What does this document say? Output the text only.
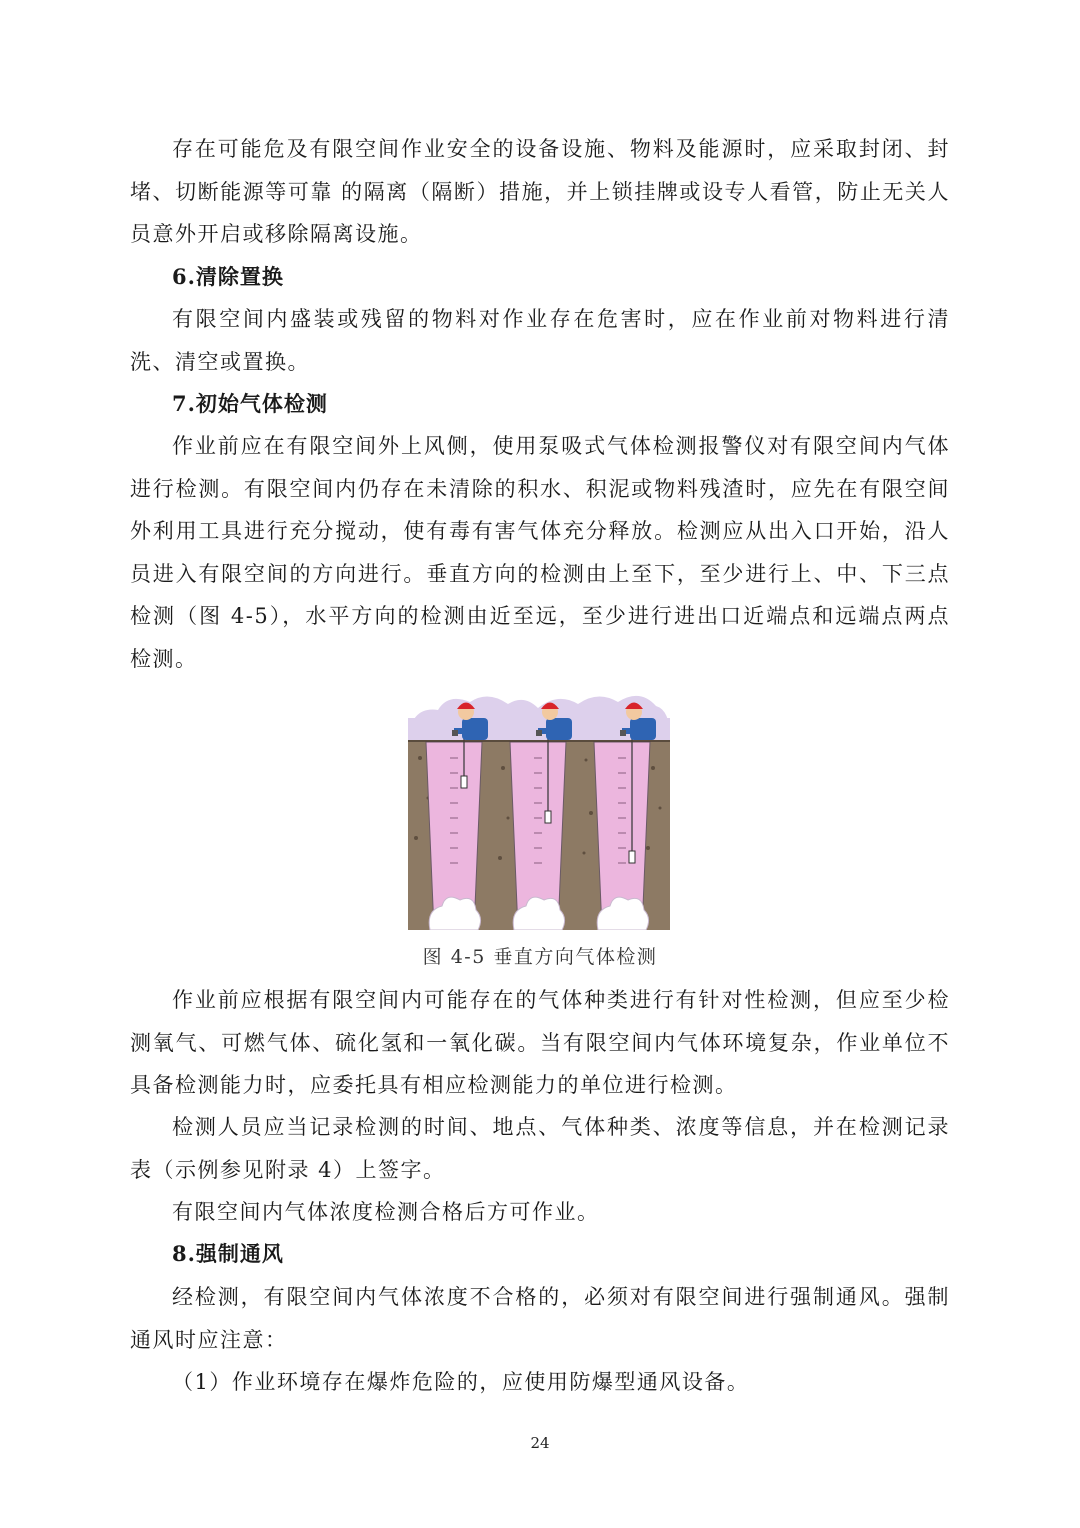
存在可能危及有限空间作业安全的设备设施、物料及能源时，应采取封闭、封堵、切断能源等可靠 的隔离（隔断）措施，并上锁挂牌或设专人看管，防止无关人员意外开启或移除隔离设施。

6.清除置换

有限空间内盛装或残留的物料对作业存在危害时，应在作业前对物料进行清洗、清空或置换。

7.初始气体检测

作业前应在有限空间外上风侧，使用泵吸式气体检测报警仪对有限空间内气体进行检测。有限空间内仍存在未清除的积水、积泥或物料残渣时，应先在有限空间外利用工具进行充分搅动，使有毒有害气体充分释放。检测应从出入口开始，沿人员进入有限空间的方向进行。垂直方向的检测由上至下，至少进行上、中、下三点检测（图 4-5），水平方向的检测由近至远，至少进行进出口近端点和远端点两点检测。

图 4-5 垂直方向气体检测

作业前应根据有限空间内可能存在的气体种类进行有针对性检测，但应至少检测氧气、可燃气体、硫化氢和一氧化碳。当有限空间内气体环境复杂，作业单位不具备检测能力时，应委托具有相应检测能力的单位进行检测。

检测人员应当记录检测的时间、地点、气体种类、浓度等信息，并在检测记录表（示例参见附录 4）上签字。

有限空间内气体浓度检测合格后方可作业。

8.强制通风

经检测，有限空间内气体浓度不合格的，必须对有限空间进行强制通风。强制通风时应注意：

（1）作业环境存在爆炸危险的，应使用防爆型通风设备。

24
